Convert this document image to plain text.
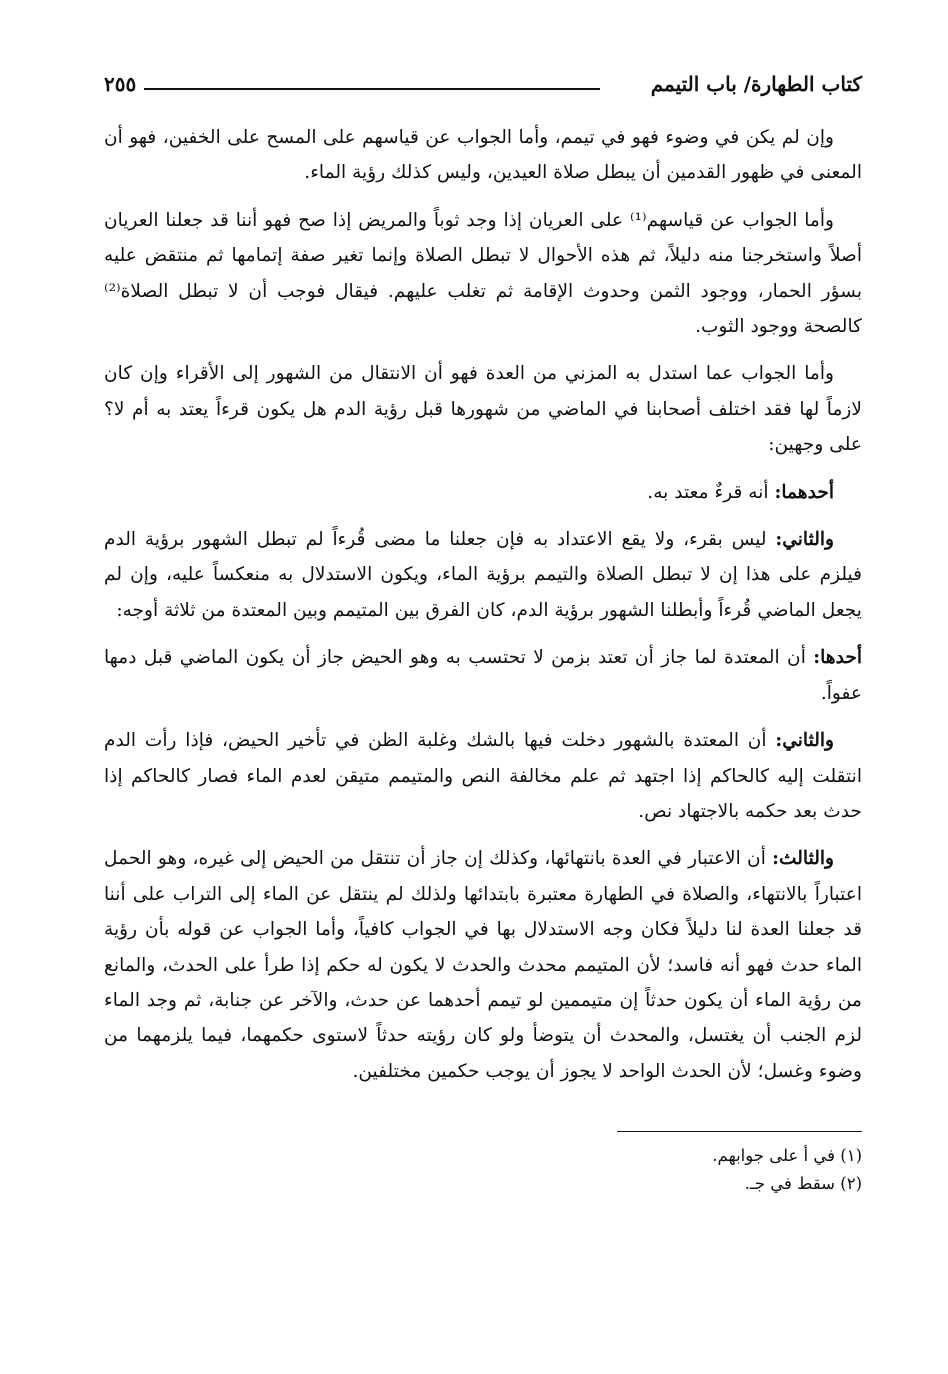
كتاب الطهارة/ باب التيمم
٢٥٥

وإن لم يكن في وضوء فهو في تيمم، وأما الجواب عن قياسهم على المسح على الخفين، فهو أن المعنى في ظهور القدمين أن يبطل صلاة العيدين، وليس كذلك رؤية الماء.

وأما الجواب عن قياسهم⁽¹⁾ على العريان إذا وجد ثوباً والمريض إذا صح فهو أننا قد جعلنا العريان أصلاً واستخرجنا منه دليلاً، ثم هذه الأحوال لا تبطل الصلاة وإنما تغير صفة إتمامها ثم منتقض عليه بسؤر الحمار، ووجود الثمن وحدوث الإقامة ثم تغلب عليهم. فيقال فوجب أن لا تبطل الصلاة⁽²⁾ كالصحة ووجود الثوب.

وأما الجواب عما استدل به المزني من العدة فهو أن الانتقال من الشهور إلى الأقراء وإن كان لازماً لها فقد اختلف أصحابنا في الماضي من شهورها قبل رؤية الدم هل يكون قرءاً يعتد به أم لا؟ على وجهين:

أحدهما: أنه قرءٌ معتد به.

والثاني: ليس بقرء، ولا يقع الاعتداد به فإن جعلنا ما مضى قُرءاً لم تبطل الشهور برؤية الدم فيلزم على هذا إن لا تبطل الصلاة والتيمم برؤية الماء، ويكون الاستدلال به منعكساً عليه، وإن لم يجعل الماضي قُرءاً وأبطلنا الشهور برؤية الدم، كان الفرق بين المتيمم وبين المعتدة من ثلاثة أوجه:

أحدها: أن المعتدة لما جاز أن تعتد بزمن لا تحتسب به وهو الحيض جاز أن يكون الماضي قبل دمها عفواً.

والثاني: أن المعتدة بالشهور دخلت فيها بالشك وغلبة الظن في تأخير الحيض، فإذا رأت الدم انتقلت إليه كالحاكم إذا اجتهد ثم علم مخالفة النص والمتيمم متيقن لعدم الماء فصار كالحاكم إذا حدث بعد حكمه بالاجتهاد نص.

والثالث: أن الاعتبار في العدة بانتهائها، وكذلك إن جاز أن تنتقل من الحيض إلى غيره، وهو الحمل اعتباراً بالانتهاء، والصلاة في الطهارة معتبرة بابتدائها ولذلك لم ينتقل عن الماء إلى التراب على أننا قد جعلنا العدة لنا دليلاً فكان وجه الاستدلال بها في الجواب كافياً، وأما الجواب عن قوله بأن رؤية الماء حدث فهو أنه فاسد؛ لأن المتيمم محدث والحدث لا يكون له حكم إذا طرأ على الحدث، والمانع من رؤية الماء أن يكون حدثاً إن متيممين لو تيمم أحدهما عن حدث، والآخر عن جنابة، ثم وجد الماء لزم الجنب أن يغتسل، والمحدث أن يتوضأ ولو كان رؤيته حدثاً لاستوى حكمهما، فيما يلزمهما من وضوء وغسل؛ لأن الحدث الواحد لا يجوز أن يوجب حكمين مختلفين.

(١) في أ على جوابهم.

(٢) سقط في جـ.
